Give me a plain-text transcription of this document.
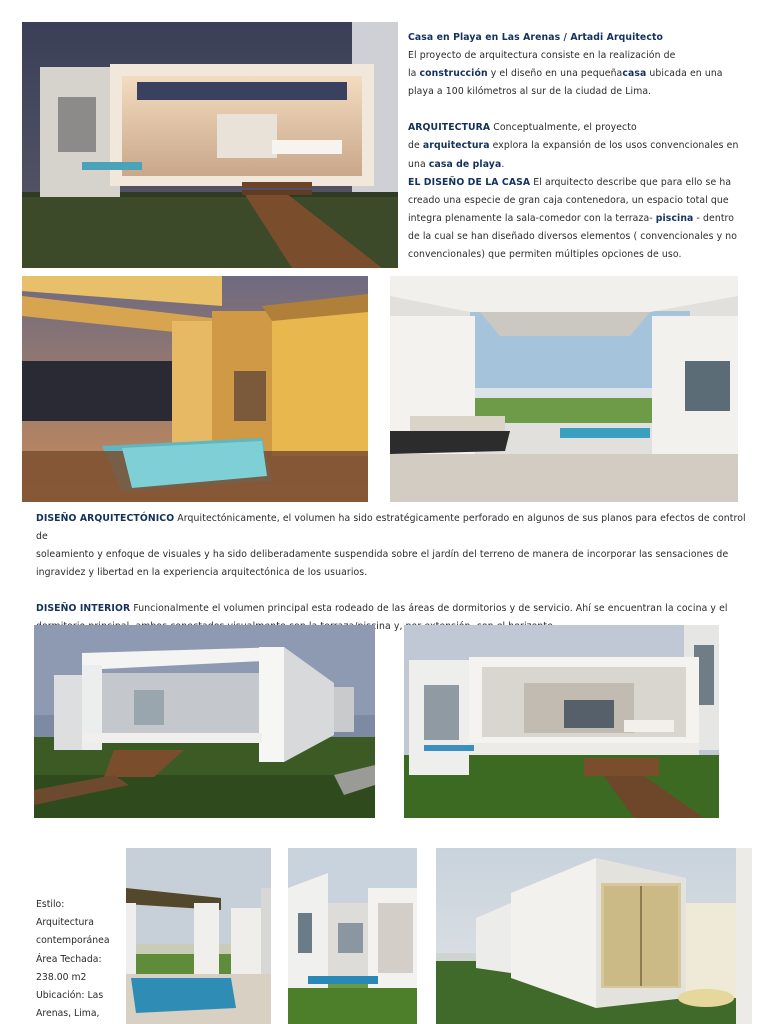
Casa en Playa en Las Arenas / Artadi Arquitecto

El proyecto de arquitectura consiste en la realización de

la construcción y el diseño en una pequeñacasa ubicada en una

playa a 100 kilómetros al sur de la ciudad de Lima.

ARQUITECTURA Conceptualmente, el proyecto

de arquitectura explora la expansión de los usos convencionales en

una casa de playa.

EL DISEÑO DE LA CASA El arquitecto describe que para ello se ha

creado una especie de gran caja contenedora, un espacio total que

integra plenamente la sala-comedor con la terraza- piscina - dentro

de la cual se han diseñado diversos elementos ( convencionales y no

convencionales) que permiten múltiples opciones de uso.

DISEÑO ARQUITECTÓNICO Arquitectónicamente, el volumen ha sido estratégicamente perforado en algunos de sus planos para efectos de control de

soleamiento y enfoque de visuales y ha sido deliberadamente suspendida sobre el jardín del terreno de manera de incorporar las sensaciones de

ingravidez y libertad en la experiencia arquitectónica de los usuarios.

DISEÑO INTERIOR Funcionalmente el volumen principal esta rodeado de las áreas de dormitorios y de servicio. Ahí se encuentran la cocina y el

y,

Estilo:
Arquitectura
contemporánea
Área Techada:
238.00 m2
Ubicación: Las
Arenas, Lima,
